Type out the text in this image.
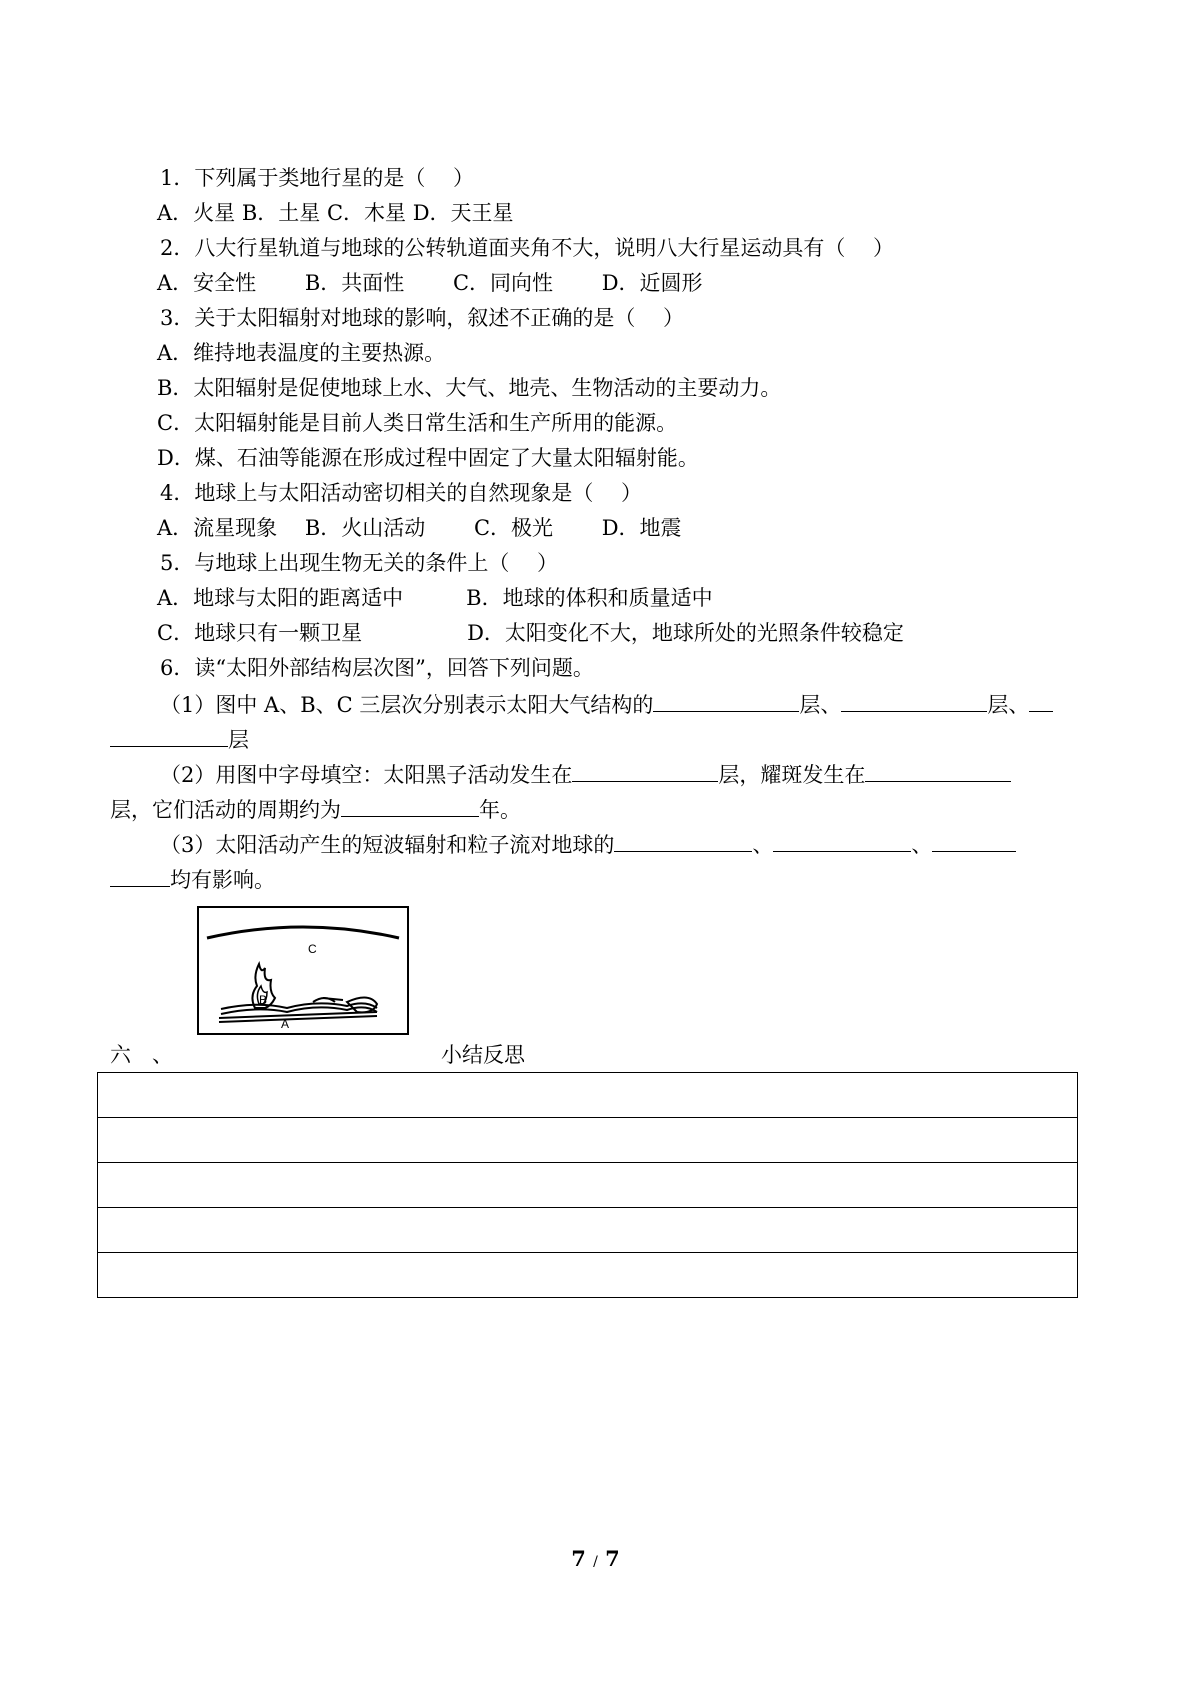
1．下列属于类地行星的是（　 ）
A．火星 B．土星 C．木星 D．天王星
2．八大行星轨道与地球的公转轨道面夹角不大，说明八大行星运动具有（　 ）
A．安全性　　 B．共面性　　 C．同向性　　 D．近圆形
3．关于太阳辐射对地球的影响，叙述不正确的是（　 ）
A．维持地表温度的主要热源。
B．太阳辐射是促使地球上水、大气、地壳、生物活动的主要动力。
C．太阳辐射能是目前人类日常生活和生产所用的能源。
D．煤、石油等能源在形成过程中固定了大量太阳辐射能。
4．地球上与太阳活动密切相关的自然现象是（　 ）
A．流星现象　 B．火山活动　　 C．极光　　 D．地震
5．与地球上出现生物无关的条件上（　 ）
A．地球与太阳的距离适中　　　B．地球的体积和质量适中
C．地球只有一颗卫星　　　　　D．太阳变化不大，地球所处的光照条件较稳定
6．读“太阳外部结构层次图”，回答下列问题。
（1）图中 A、B、C 三层次分别表示太阳大气结构的	层、	层、
层
（2）用图中字母填空：太阳黑子活动发生在	层，耀斑发生在
层，它们活动的周期约为	年。
（3）太阳活动产生的短波辐射和粒子流对地球的	、	、
均有影响。
C
B
A
六　、	小结反思

7 / 7
